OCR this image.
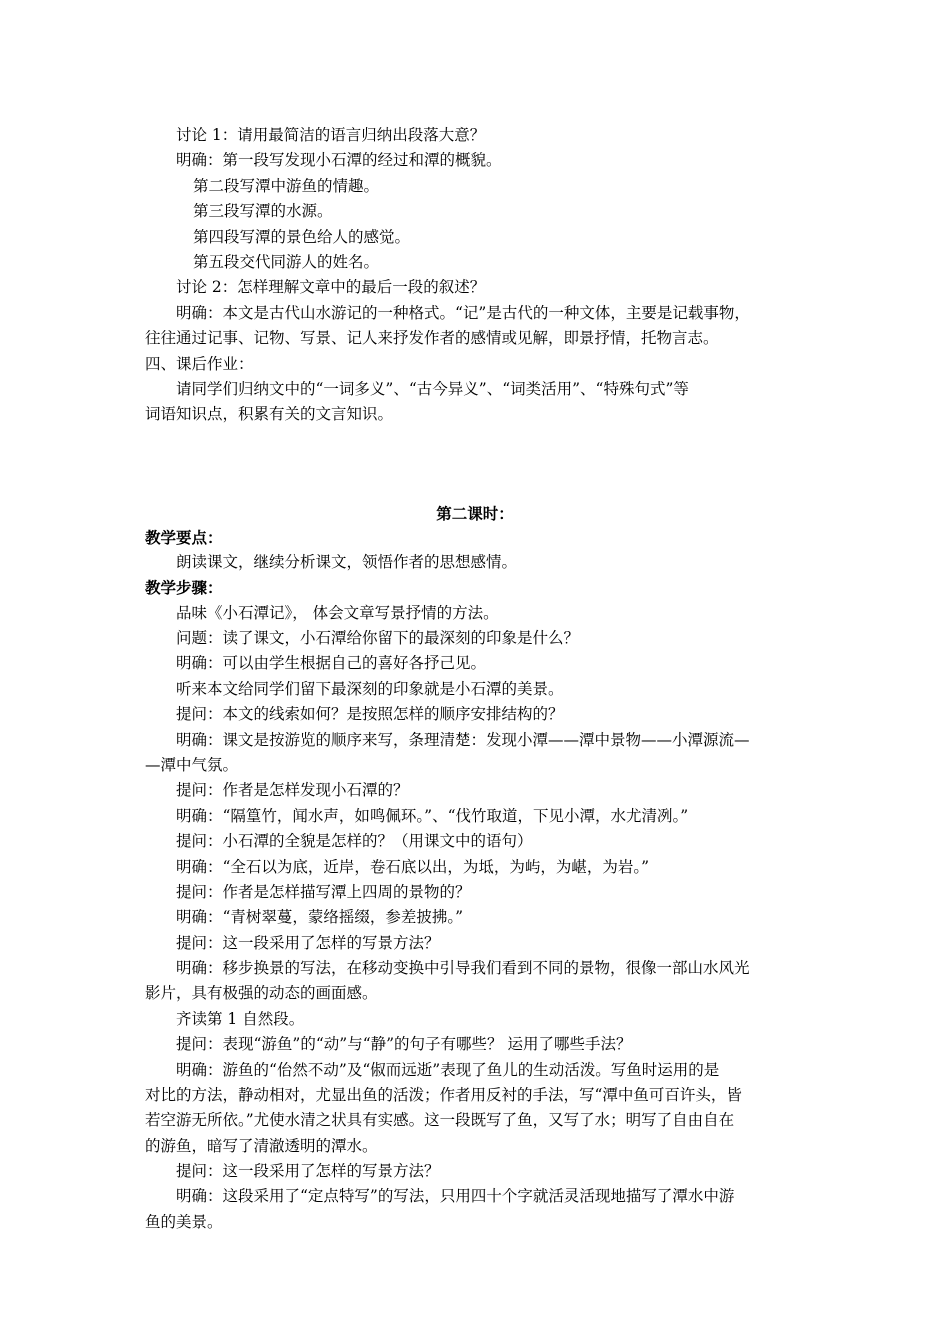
讨论 1：请用最简洁的语言归纳出段落大意？
明确：第一段写发现小石潭的经过和潭的概貌。
第二段写潭中游鱼的情趣。
第三段写潭的水源。
第四段写潭的景色给人的感觉。
第五段交代同游人的姓名。
讨论 2：怎样理解文章中的最后一段的叙述？
明确：本文是古代山水游记的一种格式。“记”是古代的一种文体，主要是记载事物，
往往通过记事、记物、写景、记人来抒发作者的感情或见解，即景抒情，托物言志。
四、课后作业：
请同学们归纳文中的“一词多义”、“古今异义”、“词类活用”、“特殊句式”等
词语知识点，积累有关的文言知识。
第二课时：
教学要点：
朗读课文，继续分析课文，领悟作者的思想感情。
教学步骤：
品味《小石潭记》， 体会文章写景抒情的方法。
问题：读了课文，小石潭给你留下的最深刻的印象是什么？
明确：可以由学生根据自己的喜好各抒己见。
听来本文给同学们留下最深刻的印象就是小石潭的美景。
提问：本文的线索如何？是按照怎样的顺序安排结构的？
明确：课文是按游览的顺序来写，条理清楚：发现小潭——潭中景物——小潭源流—
—潭中气氛。
提问：作者是怎样发现小石潭的？
明确：“隔篁竹，闻水声，如鸣佩环。”、“伐竹取道，下见小潭，水尤清冽。”
提问：小石潭的全貌是怎样的？（用课文中的语句）
明确：“全石以为底，近岸，卷石底以出，为坻，为屿，为嵁，为岩。”
提问：作者是怎样描写潭上四周的景物的？
明确：“青树翠蔓，蒙络摇缀，参差披拂。”
提问：这一段采用了怎样的写景方法？
明确：移步换景的写法，在移动变换中引导我们看到不同的景物，很像一部山水风光
影片，具有极强的动态的画面感。
齐读第 1 自然段。
提问：表现“游鱼”的“动”与“静”的句子有哪些？ 运用了哪些手法？
明确：游鱼的“佁然不动”及“俶而远逝”表现了鱼儿的生动活泼。写鱼时运用的是
对比的方法，静动相对，尤显出鱼的活泼；作者用反衬的手法，写“潭中鱼可百许头，皆
若空游无所依。”尤使水清之状具有实感。这一段既写了鱼，又写了水；明写了自由自在
的游鱼，暗写了清澈透明的潭水。
提问：这一段采用了怎样的写景方法？
明确：这段采用了“定点特写”的写法，只用四十个字就活灵活现地描写了潭水中游
鱼的美景。
